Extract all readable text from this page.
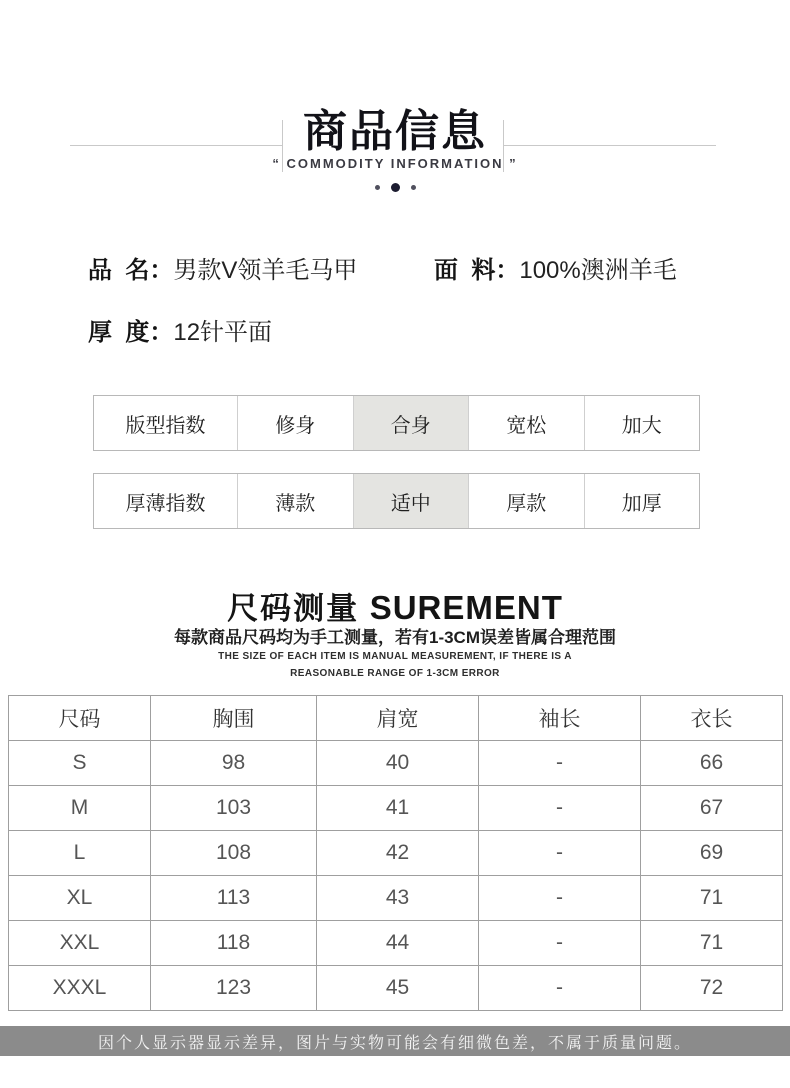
商品信息
“ COMMODITY INFORMATION ”
品  名：男款V领羊毛马甲	面  料：100%澳洲羊毛
厚  度：12针平面
版型指数	修身	合身	宽松	加大
厚薄指数	薄款	适中	厚款	加厚
尺码测量 SUREMENT
每款商品尺码均为手工测量，若有1-3CM误差皆属合理范围
THE SIZE OF EACH ITEM IS MANUAL MEASUREMENT, IF THERE IS A
REASONABLE RANGE OF 1-3CM ERROR
尺码	胸围	肩宽	袖长	衣长
S	98	40	-	66
M	103	41	-	67
L	108	42	-	69
XL	113	43	-	71
XXL	118	44	-	71
XXXL	123	45	-	72
因个人显示器显示差异，图片与实物可能会有细微色差，不属于质量问题。
